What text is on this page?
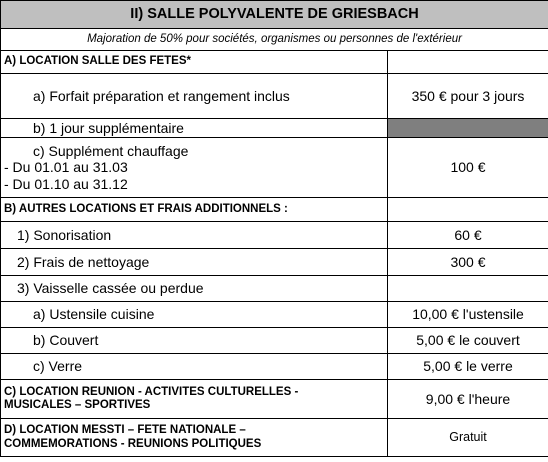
II) SALLE POLYVALENTE DE GRIESBACH	
Majoration de 50% pour sociétés, organismes ou personnes de l'extérieur	
A) LOCATION SALLE DES FETES*	
a) Forfait préparation et rangement inclus	350 € pour 3 jours
b) 1 jour supplémentaire	

c) Supplément chauffage
- Du 01.01 au 31.03
- Du 01.10 au 31.12	100 €
B) AUTRES LOCATIONS ET FRAIS ADDITIONNELS :	
1) Sonorisation	60 €
2) Frais de nettoyage	300 €
3) Vaisselle cassée ou perdue	
a) Ustensile cuisine	10,00 € l'ustensile
b) Couvert	5,00 € le couvert
c) Verre	5,00 € le verre

C) LOCATION REUNION - ACTIVITES CULTURELLES -
MUSICALES – SPORTIVES	9,00 € l'heure

D) LOCATION MESSTI – FETE NATIONALE –
COMMEMORATIONS - REUNIONS POLITIQUES	Gratuit
